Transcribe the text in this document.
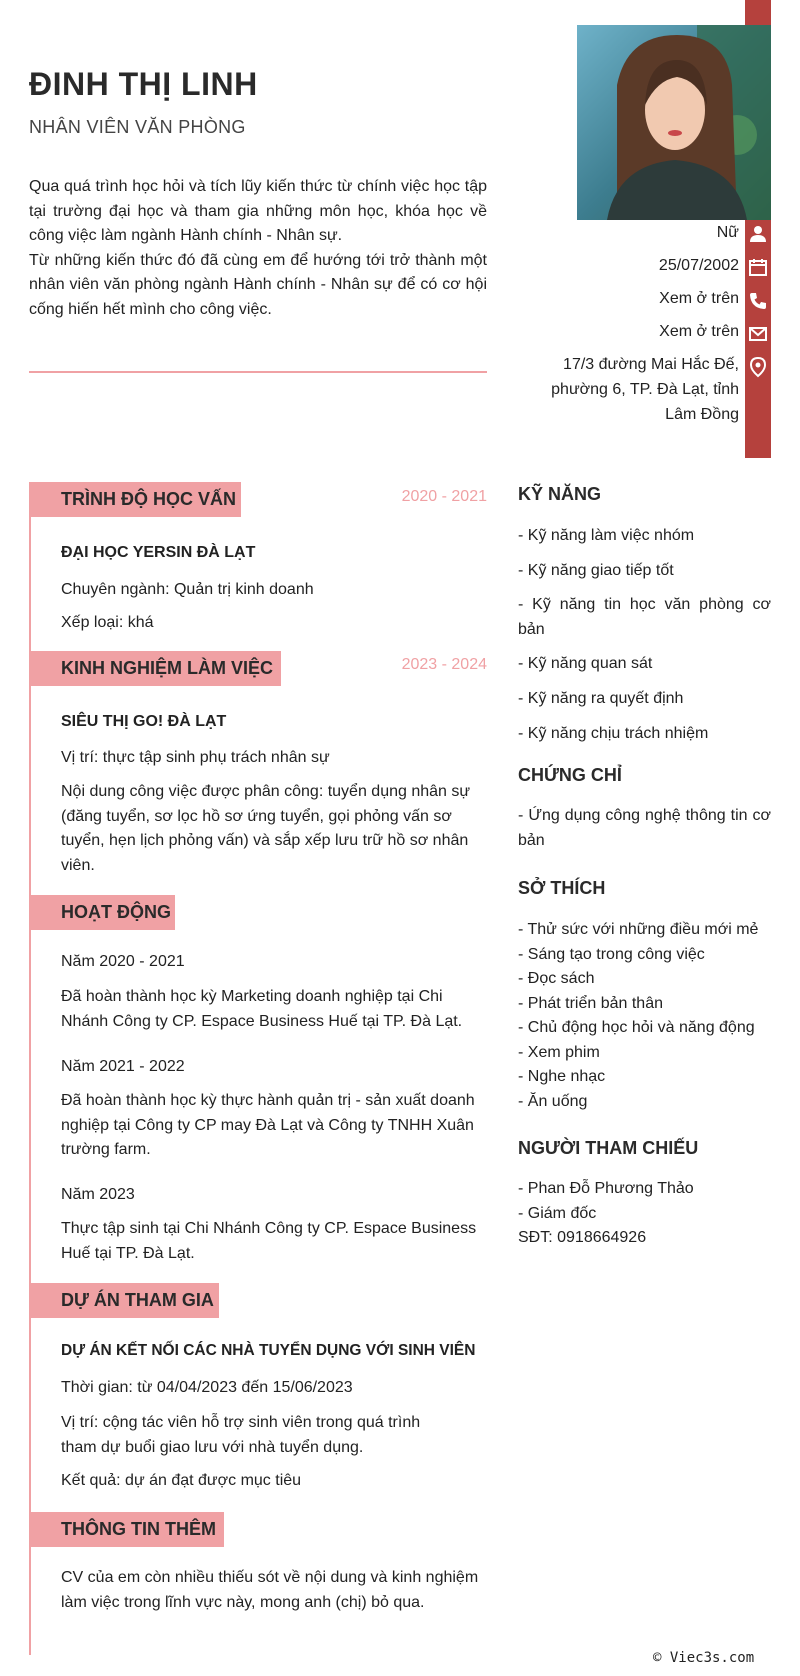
ĐINH THỊ LINH
NHÂN VIÊN VĂN PHÒNG

Qua quá trình học hỏi và tích lũy kiến thức từ chính việc học tập tại trường đại học và tham gia những môn học, khóa học về công việc làm ngành Hành chính - Nhân sự.

Từ những kiến thức đó đã cùng em để hướng tới trở thành một nhân viên văn phòng ngành Hành chính - Nhân sự để có cơ hội cống hiến hết mình cho công việc.

Nữ
25/07/2002
Xem ở trên
Xem ở trên
17/3 đường Mai Hắc Đế,
phường 6, TP. Đà Lạt, tỉnh
Lâm Đồng
TRÌNH ĐỘ HỌC VẤN	2020 - 2021
ĐẠI HỌC YERSIN ĐÀ LẠT
Chuyên ngành: Quản trị kinh doanh
Xếp loại: khá
KINH NGHIỆM LÀM VIỆC	2023 - 2024
SIÊU THỊ GO! ĐÀ LẠT
Vị trí: thực tập sinh phụ trách nhân sự
Nội dung công việc được phân công: tuyển dụng nhân sự (đăng tuyển, sơ lọc hồ sơ ứng tuyển, gọi phỏng vấn sơ tuyển, hẹn lịch phỏng vấn) và sắp xếp lưu trữ hồ sơ nhân viên.
HOẠT ĐỘNG
Năm 2020 - 2021
Đã hoàn thành học kỳ Marketing doanh nghiệp tại Chi Nhánh Công ty CP. Espace Business Huế tại TP. Đà Lạt.
Năm 2021 - 2022
Đã hoàn thành học kỳ thực hành quản trị - sản xuất doanh nghiệp tại Công ty CP may Đà Lạt và Công ty TNHH Xuân trường farm.
Năm 2023
Thực tập sinh tại Chi Nhánh Công ty CP. Espace Business Huế tại TP. Đà Lạt.
DỰ ÁN THAM GIA
DỰ ÁN KẾT NỐI CÁC NHÀ TUYỂN DỤNG VỚI SINH VIÊN
Thời gian: từ 04/04/2023 đến 15/06/2023
Vị trí: cộng tác viên hỗ trợ sinh viên trong quá trình tham dự buổi giao lưu với nhà tuyển dụng.
Kết quả: dự án đạt được mục tiêu
THÔNG TIN THÊM
CV của em còn nhiều thiếu sót về nội dung và kinh nghiệm làm việc trong lĩnh vực này, mong anh (chị) bỏ qua.
KỸ NĂNG
- Kỹ năng làm việc nhóm
- Kỹ năng giao tiếp tốt
- Kỹ năng tin học văn phòng cơ bản
- Kỹ năng quan sát
- Kỹ năng ra quyết định
- Kỹ năng chịu trách nhiệm
CHỨNG CHỈ
- Ứng dụng công nghệ thông tin cơ bản
SỞ THÍCH
- Thử sức với những điều mới mẻ
- Sáng tạo trong công việc
- Đọc sách
- Phát triển bản thân
- Chủ động học hỏi và năng động
- Xem phim
- Nghe nhạc
- Ăn uống
NGƯỜI THAM CHIẾU
- Phan Đỗ Phương Thảo
- Giám đốc
SĐT: 0918664926
© Viec3s.com
